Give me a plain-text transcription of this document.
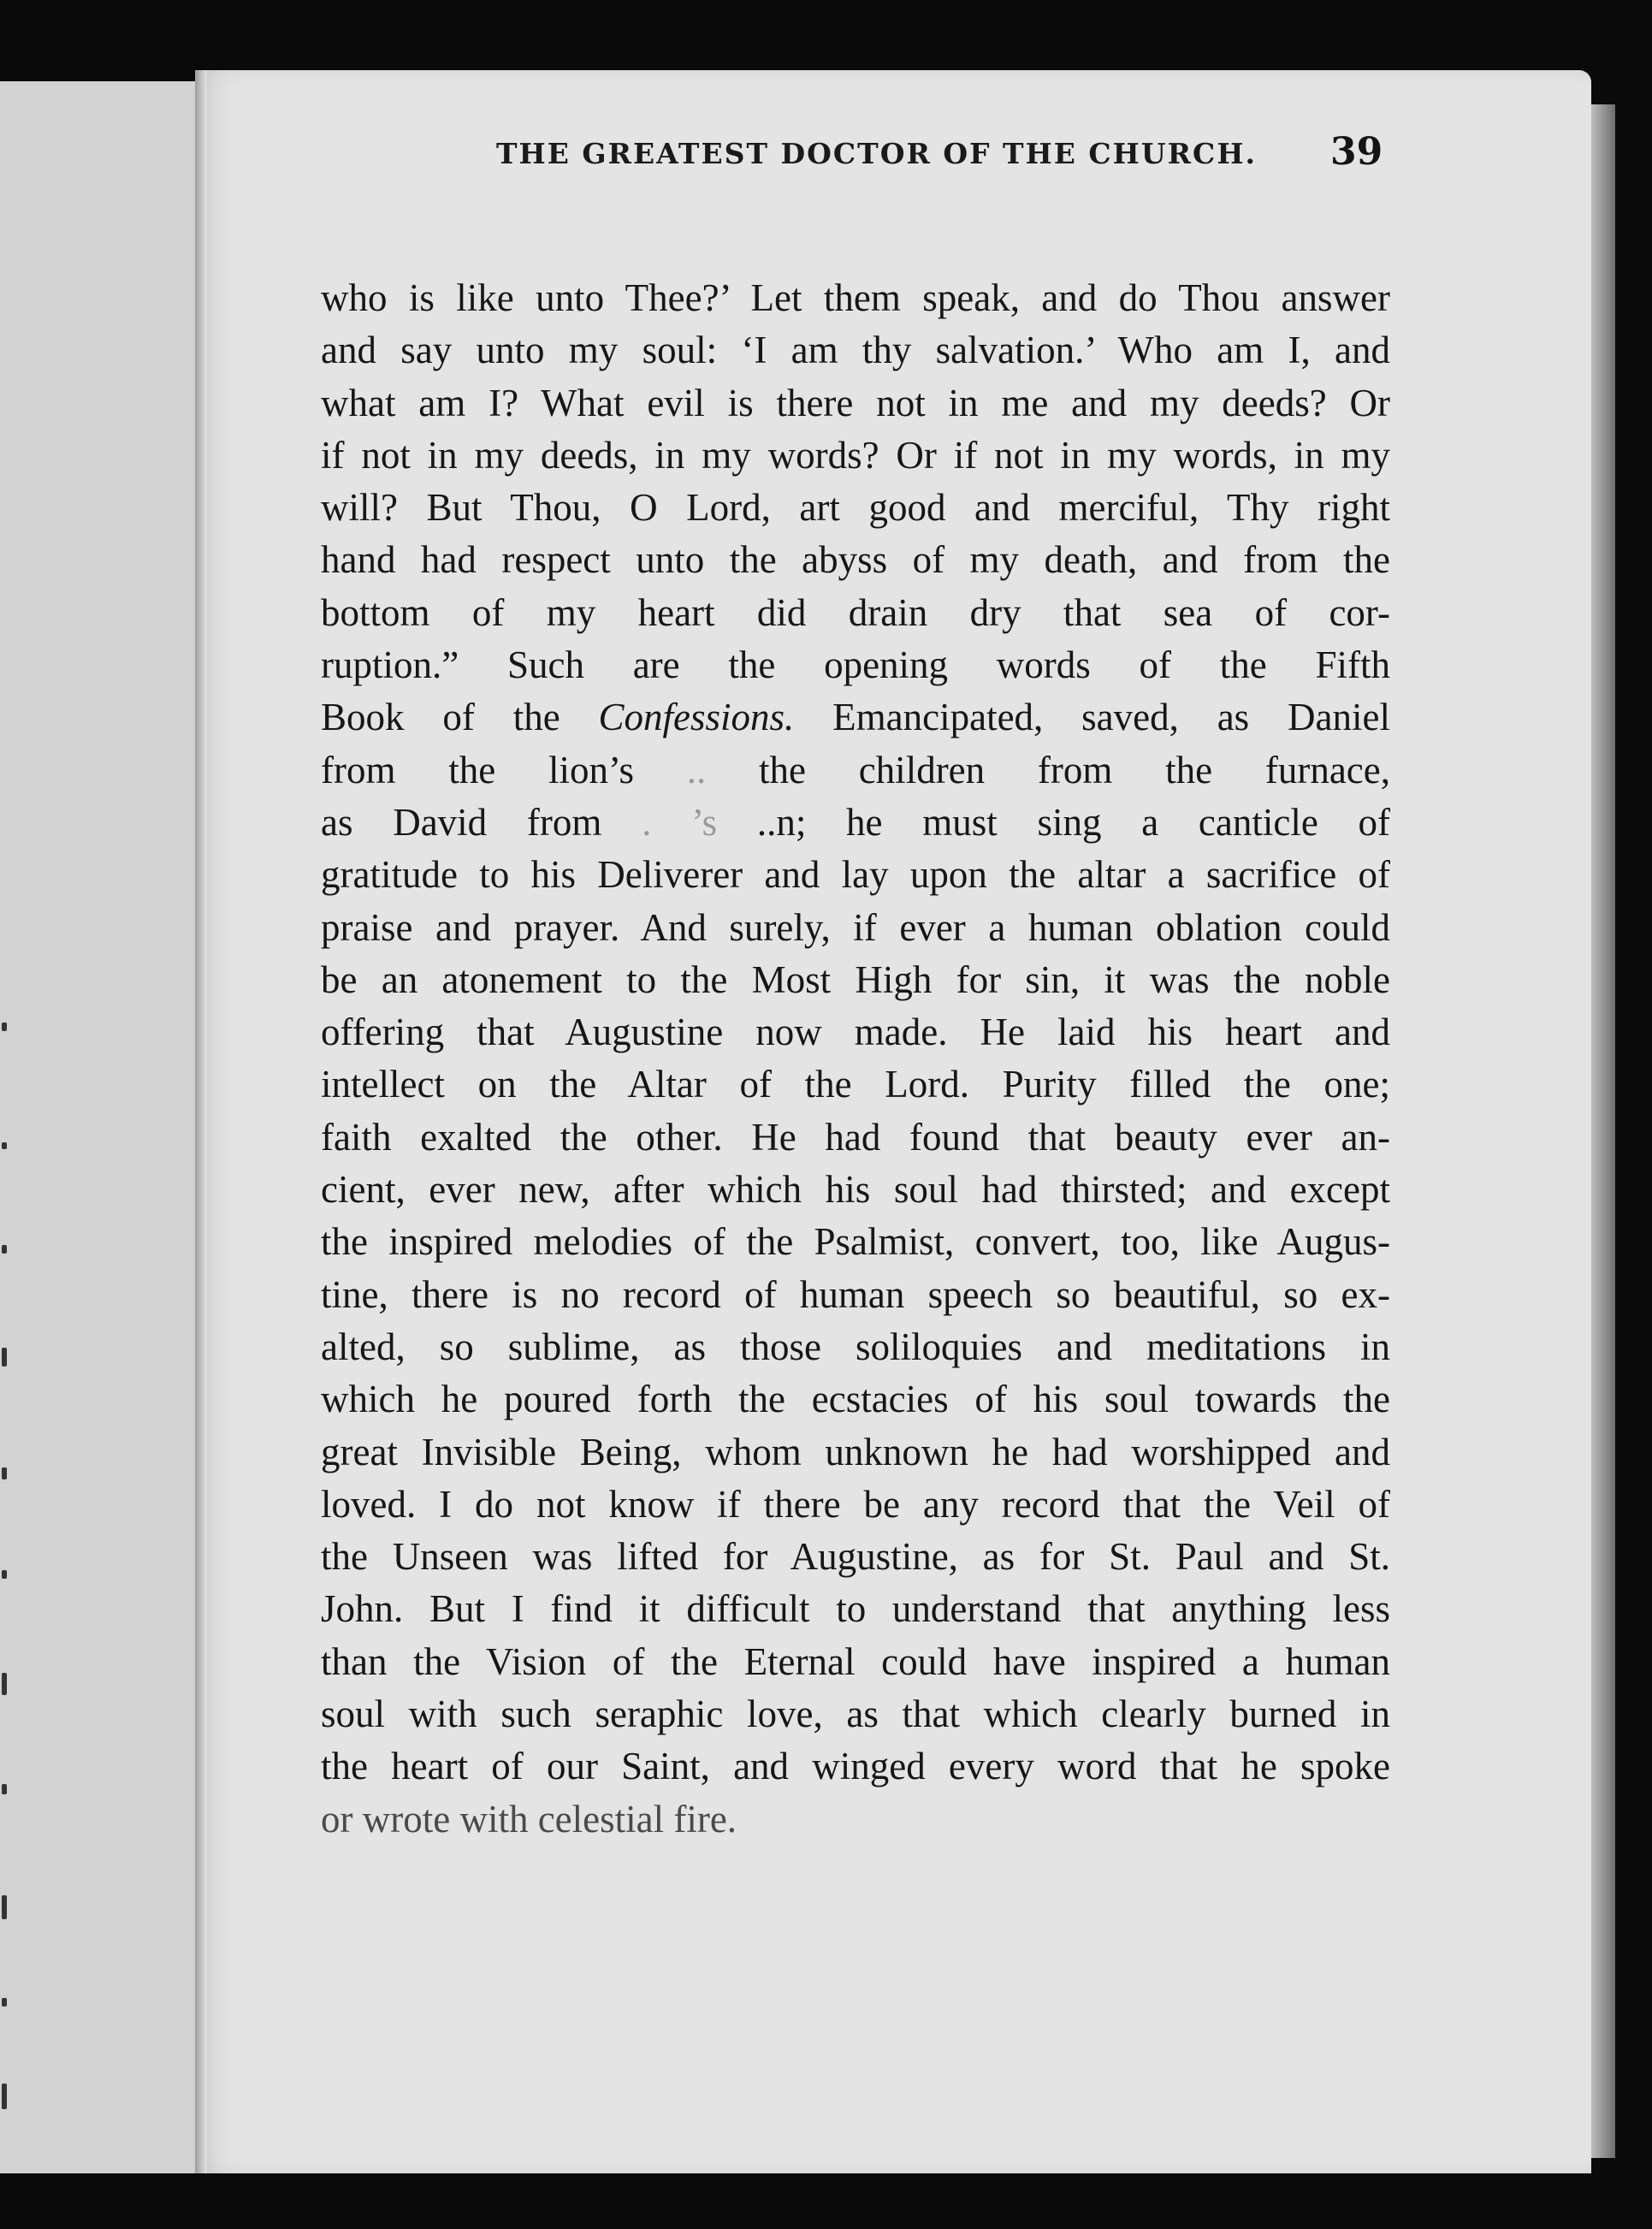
THE GREATEST DOCTOR OF THE CHURCH. 39
who is like unto Thee?’ Let them speak, and do Thou answer
and say unto my soul: ‘I am thy salvation.’ Who am I, and
what am I? What evil is there not in me and my deeds? Or
if not in my deeds, in my words? Or if not in my words, in my
will? But Thou, O Lord, art good and merciful, Thy right
hand had respect unto the abyss of my death, and from the
bottom of my heart did drain dry that sea of cor-
ruption.” Such are the opening words of the Fifth
Book of the Confessions. Emancipated, saved, as Daniel
from the lion’s .. the children from the furnace,
as David from . ’s ..n; he must sing a canticle of
gratitude to his Deliverer and lay upon the altar a sacrifice of
praise and prayer. And surely, if ever a human oblation could
be an atonement to the Most High for sin, it was the noble
offering that Augustine now made. He laid his heart and
intellect on the Altar of the Lord. Purity filled the one;
faith exalted the other. He had found that beauty ever an-
cient, ever new, after which his soul had thirsted; and except
the inspired melodies of the Psalmist, convert, too, like Augus-
tine, there is no record of human speech so beautiful, so ex-
alted, so sublime, as those soliloquies and meditations in
which he poured forth the ecstacies of his soul towards the
great Invisible Being, whom unknown he had worshipped and
loved. I do not know if there be any record that the Veil of
the Unseen was lifted for Augustine, as for St. Paul and St.
John. But I find it difficult to understand that anything less
than the Vision of the Eternal could have inspired a human
soul with such seraphic love, as that which clearly burned in
the heart of our Saint, and winged every word that he spoke
or wrote with celestial fire.
